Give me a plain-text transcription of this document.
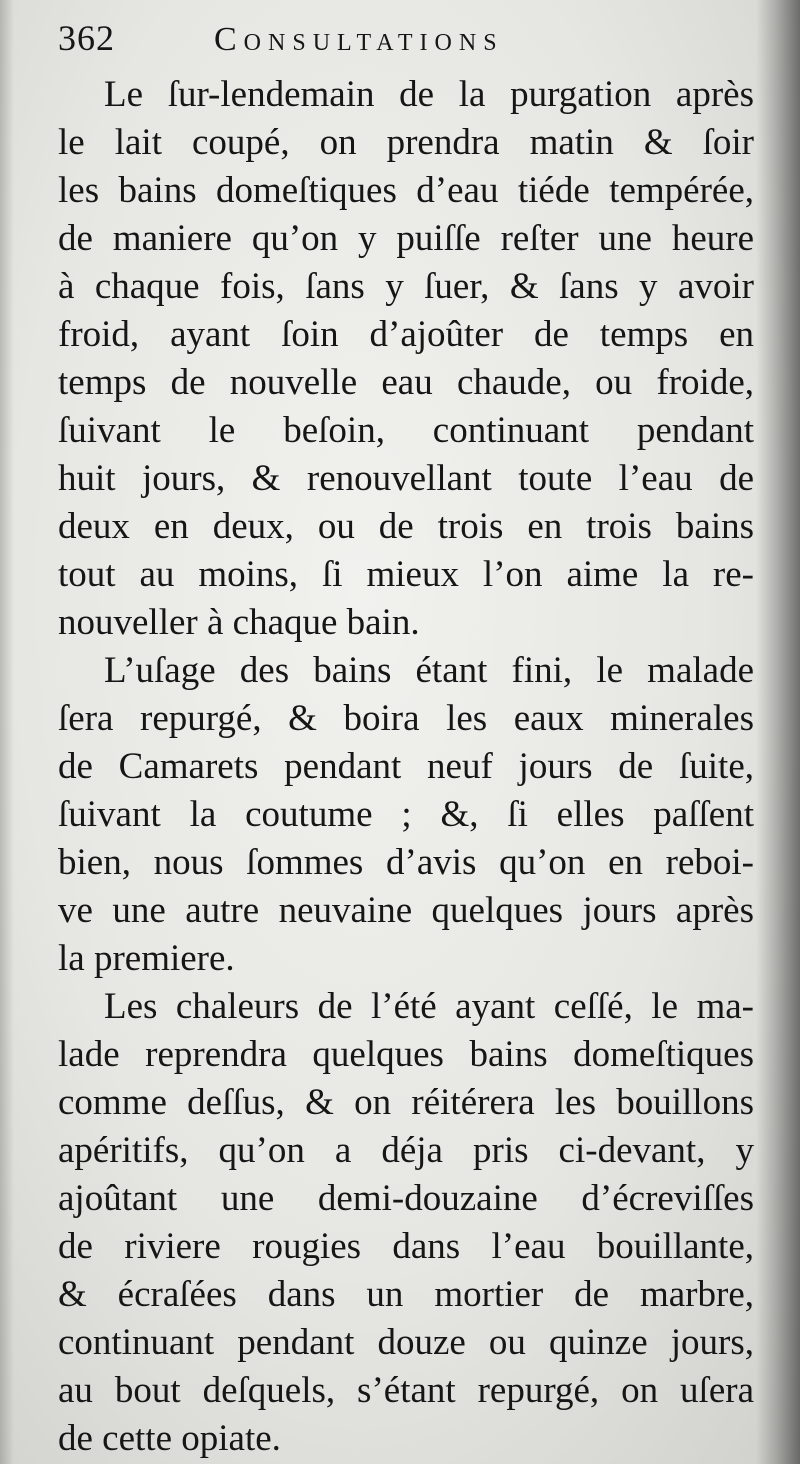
362	Consultations
Le ſur-lendemain de la purgation après
le lait coupé, on prendra matin & ſoir
les bains domeſtiques d’eau tiéde tempérée,
de maniere qu’on y puiſſe reſter une heure
à chaque fois, ſans y ſuer, & ſans y avoir
froid, ayant ſoin d’ajoûter de temps en
temps de nouvelle eau chaude, ou froide,
ſuivant le beſoin, continuant pendant
huit jours, & renouvellant toute l’eau de
deux en deux, ou de trois en trois bains
tout au moins, ſi mieux l’on aime la re-
nouveller à chaque bain.
L’uſage des bains étant fini, le malade
ſera repurgé, & boira les eaux minerales
de Camarets pendant neuf jours de ſuite,
ſuivant la coutume ; &, ſi elles paſſent
bien, nous ſommes d’avis qu’on en reboi-
ve une autre neuvaine quelques jours après
la premiere.
Les chaleurs de l’été ayant ceſſé, le ma-
lade reprendra quelques bains domeſtiques
comme deſſus, & on réitérera les bouillons
apéritifs, qu’on a déja pris ci-devant, y
ajoûtant une demi-douzaine d’écreviſſes
de riviere rougies dans l’eau bouillante,
& écraſées dans un mortier de marbre,
continuant pendant douze ou quinze jours,
au bout deſquels, s’étant repurgé, on uſera
de cette opiate.
